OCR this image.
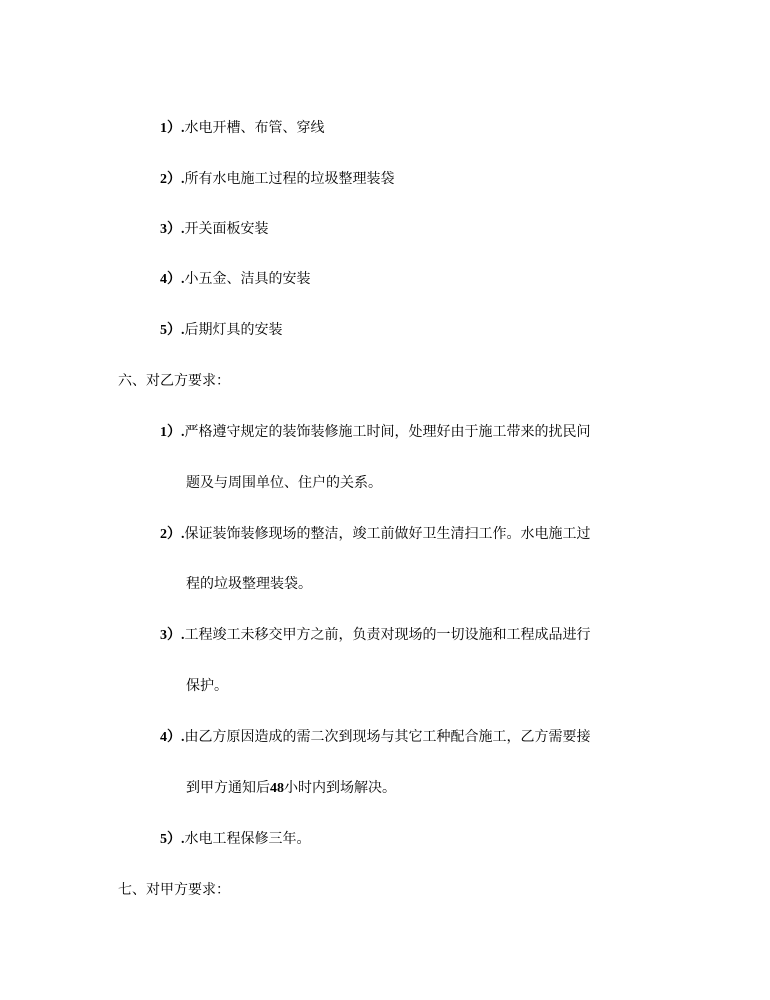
1）.水电开槽、布管、穿线
2）.所有水电施工过程的垃圾整理装袋
3）.开关面板安装
4）.小五金、洁具的安装
5）.后期灯具的安装
六、对乙方要求：
1）.严格遵守规定的装饰装修施工时间，处理好由于施工带来的扰民问
题及与周围单位、住户的关系。
2）.保证装饰装修现场的整洁，竣工前做好卫生清扫工作。水电施工过
程的垃圾整理装袋。
3）.工程竣工未移交甲方之前，负责对现场的一切设施和工程成品进行
保护。
4）.由乙方原因造成的需二次到现场与其它工种配合施工，乙方需要接
到甲方通知后48小时内到场解决。
5）.水电工程保修三年。
七、对甲方要求：
